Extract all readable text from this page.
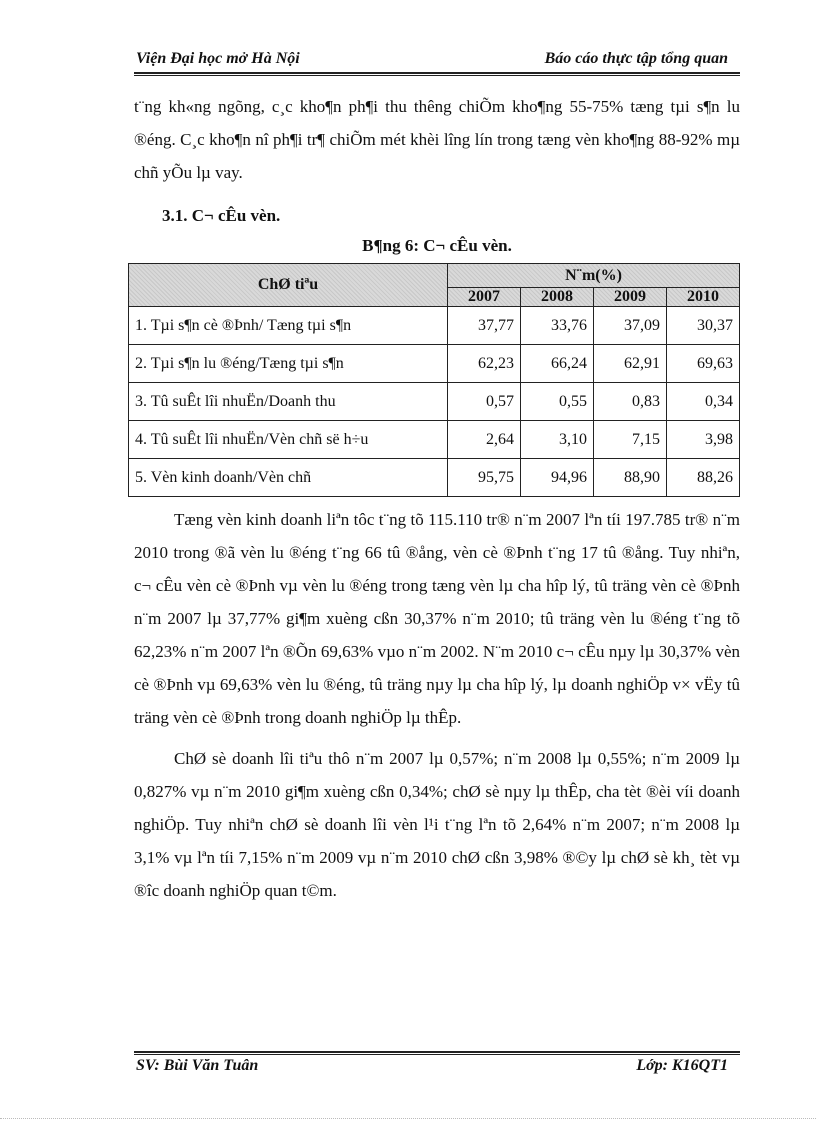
Viện Đại học mở Hà Nội	Báo cáo thực tập tổng quan

t¨ng kh«ng ngõng, c¸c kho¶n ph¶i thu thêng chiÕm kho¶ng 55-75% tæng tµi s¶n lu ®éng. C¸c kho¶n nî ph¶i tr¶ chiÕm mét khèi lîng lín trong tæng vèn kho¶ng 88-92% mµ chñ yÕu lµ vay.

3.1. C¬ cÊu vèn.
B¶ng 6: C¬ cÊu vèn.
ChØ tiªu	N¨m(%)			
	2007	2008	2009	2010
1. Tµi s¶n cè ®Þnh/ Tæng tµi s¶n	37,77	33,76	37,09	30,37
2. Tµi s¶n lu ®éng/Tæng tµi s¶n	62,23	66,24	62,91	69,63
3. Tû suÊt lîi nhuËn/Doanh thu	0,57	0,55	0,83	0,34
4. Tû suÊt lîi nhuËn/Vèn chñ së h÷u	2,64	3,10	7,15	3,98
5. Vèn kinh doanh/Vèn chñ	95,75	94,96	88,90	88,26

Tæng vèn kinh doanh liªn tôc t¨ng tõ 115.110 tr® n¨m 2007 lªn tíi 197.785 tr® n¨m 2010 trong ®ã vèn lu ®éng t¨ng 66 tû ®ång, vèn cè ®Þnh t¨ng 17 tû ®ång. Tuy nhiªn, c¬ cÊu vèn cè ®Þnh vµ vèn lu ®éng trong tæng vèn lµ cha hîp lý, tû träng vèn cè ®Þnh n¨m 2007 lµ 37,77% gi¶m xuèng cßn 30,37% n¨m 2010; tû träng vèn lu ®éng t¨ng tõ 62,23% n¨m 2007 lªn ®Õn 69,63% vµo n¨m 2002. N¨m 2010 c¬ cÊu nµy lµ 30,37% vèn cè ®Þnh vµ 69,63% vèn lu ®éng, tû träng nµy lµ cha hîp lý, lµ doanh nghiÖp v× vËy tû träng vèn cè ®Þnh trong doanh nghiÖp lµ thÊp.

ChØ sè doanh lîi tiªu thô n¨m 2007 lµ 0,57%; n¨m 2008 lµ 0,55%; n¨m 2009 lµ 0,827% vµ n¨m 2010 gi¶m xuèng cßn 0,34%; chØ sè nµy lµ thÊp, cha tèt ®èi víi doanh nghiÖp. Tuy nhiªn chØ sè doanh lîi vèn l¹i t¨ng lªn tõ 2,64% n¨m 2007; n¨m 2008 lµ 3,1% vµ lªn tíi 7,15% n¨m 2009 vµ n¨m 2010 chØ cßn 3,98% ®©y lµ chØ sè kh¸ tèt vµ ®îc doanh nghiÖp quan t©m.

SV: Bùi Văn Tuân	Lớp: K16QT1
